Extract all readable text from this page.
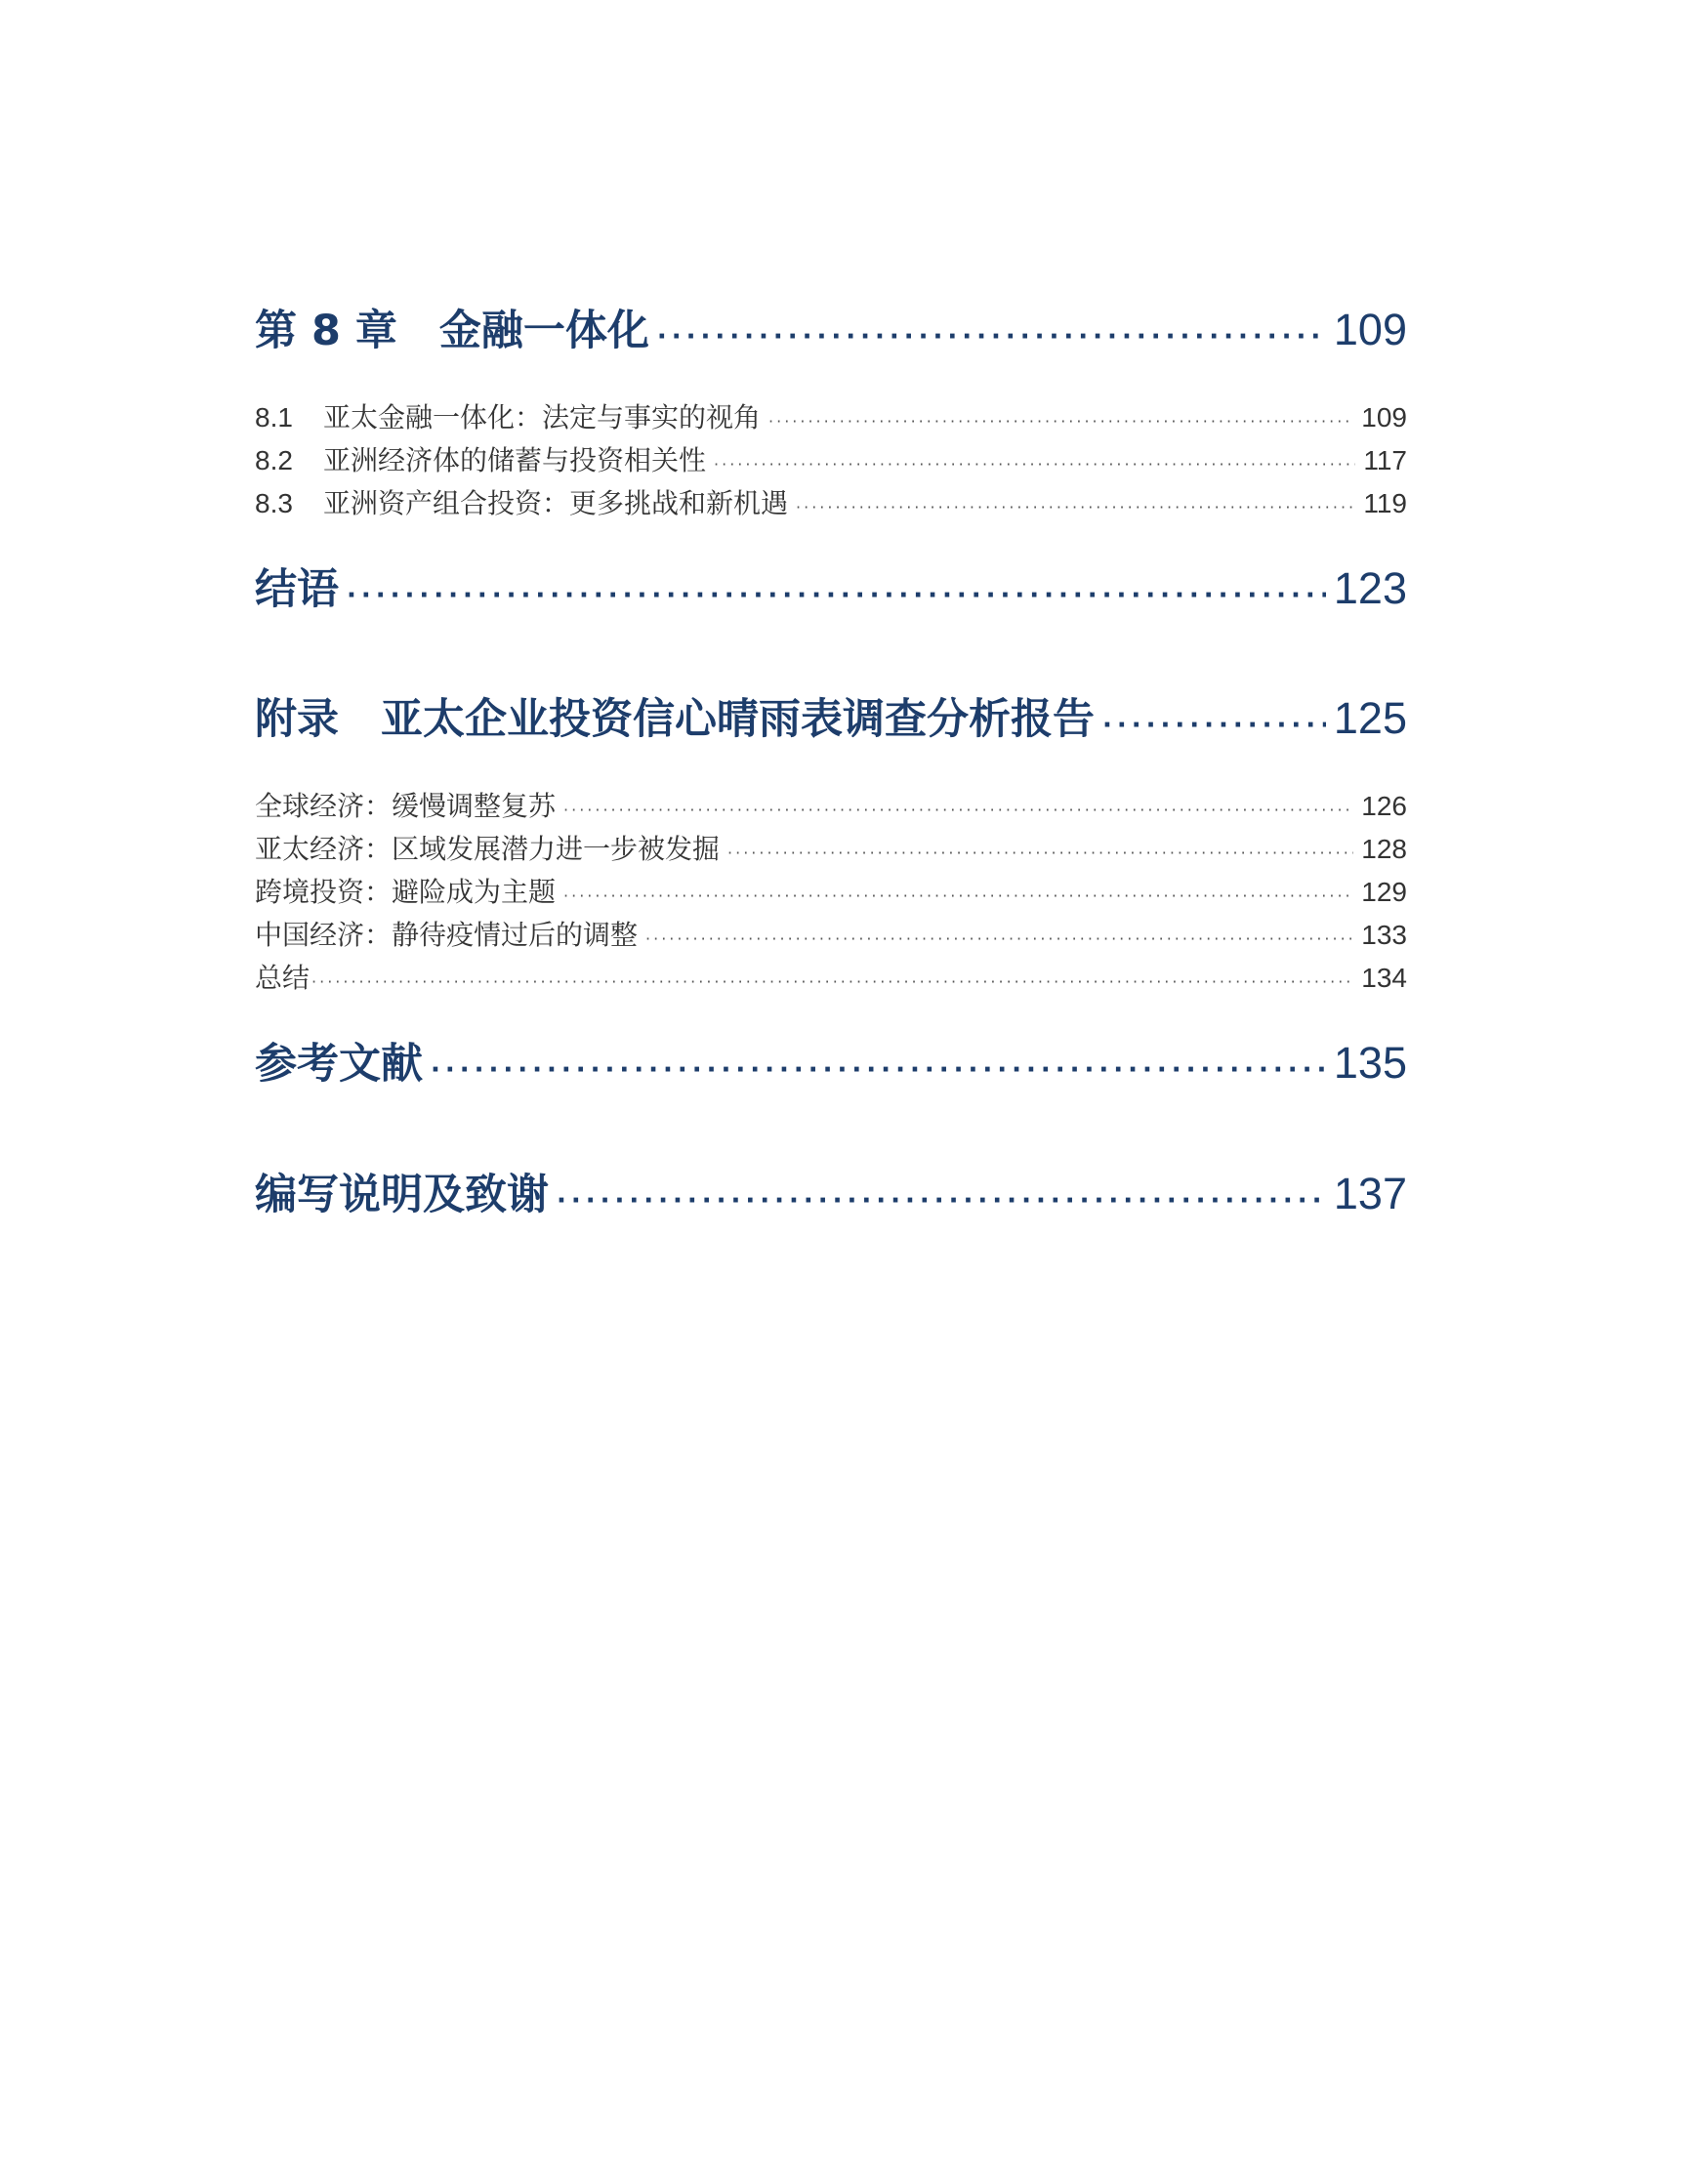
第 8 章　金融一体化 ·····	109
8.1 亚太金融一体化：法定与事实的视角 ·····	109
8.2 亚洲经济体的储蓄与投资相关性 ·····	117
8.3 亚洲资产组合投资：更多挑战和新机遇 ·····	119
结语 ·····	123
附录　亚太企业投资信心晴雨表调查分析报告 ·····	125
全球经济：缓慢调整复苏 ·····	126
亚太经济：区域发展潜力进一步被发掘 ·····	128
跨境投资：避险成为主题 ·····	129
中国经济：静待疫情过后的调整 ·····	133
总结 ·····	134
参考文献 ·····	135
编写说明及致谢 ·····	137
